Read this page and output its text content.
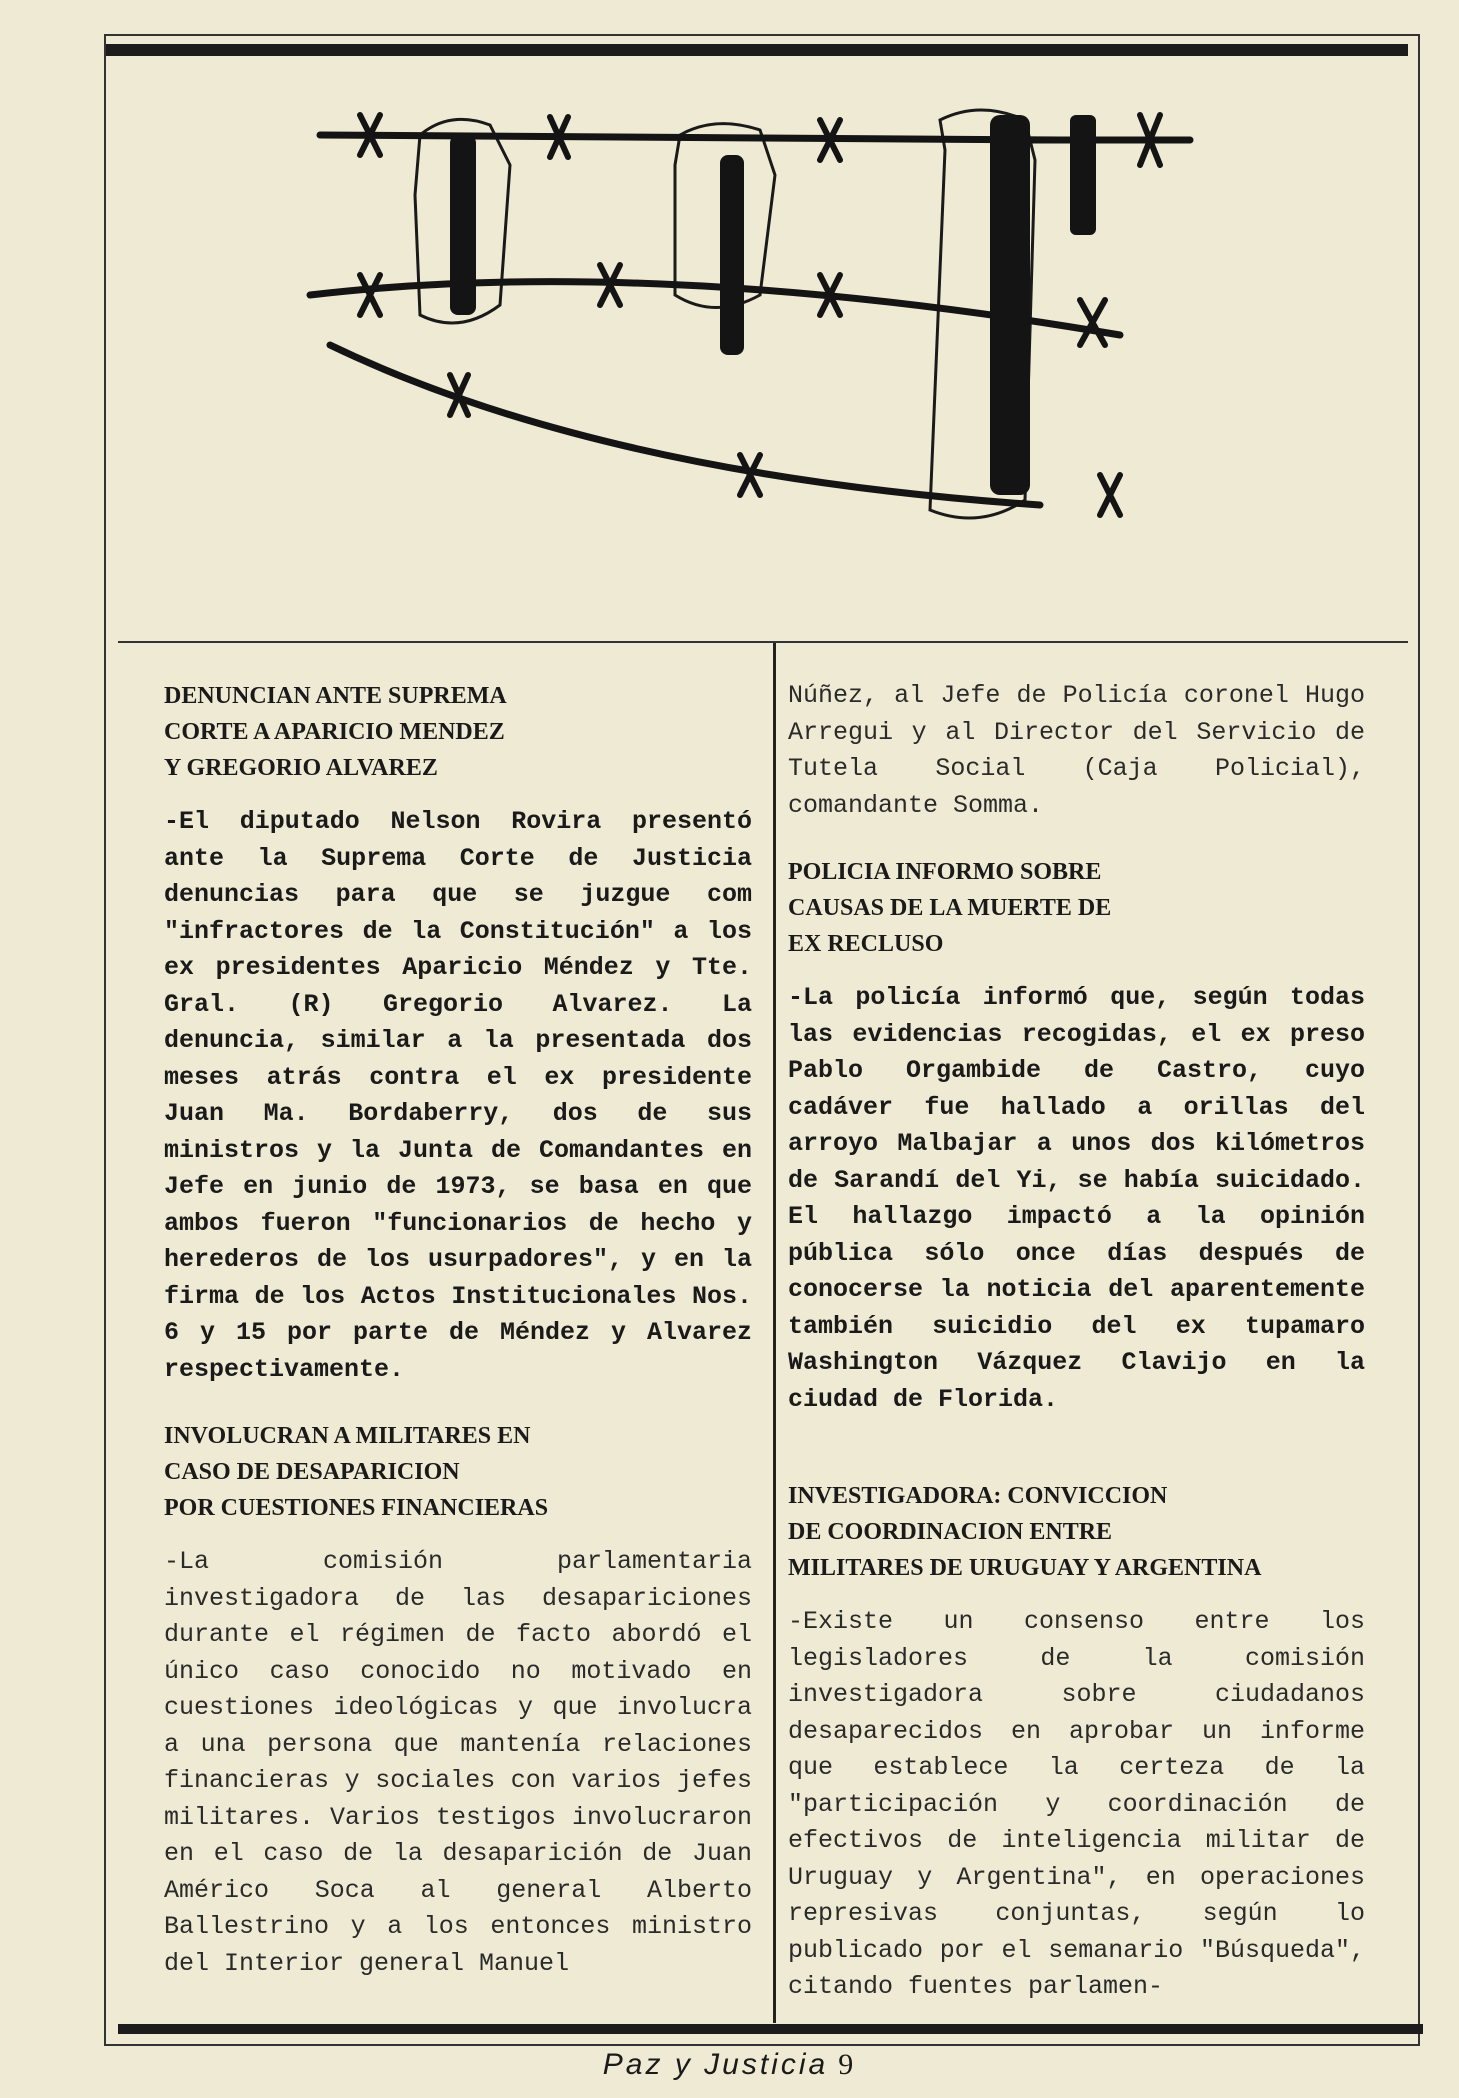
DENUNCIAN ANTE SUPREMA
CORTE A APARICIO MENDEZ
Y GREGORIO ALVAREZ
-El diputado Nelson Rovira presentó ante la Suprema Corte de Justicia denuncias para que se juzgue com "infractores de la Constitución" a los ex presidentes Aparicio Méndez y Tte. Gral. (R) Gregorio Alvarez. La denuncia, similar a la presentada dos meses atrás contra el ex presidente Juan Ma. Bordaberry, dos de sus ministros y la Junta de Comandantes en Jefe en junio de 1973, se basa en que ambos fueron "funcionarios de hecho y herederos de los usurpadores", y en la firma de los Actos Institucionales Nos. 6 y 15 por parte de Méndez y Alvarez respectivamente.
INVOLUCRAN A MILITARES EN
CASO DE DESAPARICION
POR CUESTIONES FINANCIERAS
-La comisión parlamentaria investigadora de las desapariciones durante el régimen de facto abordó el único caso conocido no motivado en cuestiones ideológicas y que involucra a una persona que mantenía relaciones financieras y sociales con varios jefes militares. Varios testigos involucraron en el caso de la desaparición de Juan Américo Soca al general Alberto Ballestrino y a los entonces ministro del Interior general Manuel
Núñez, al Jefe de Policía coronel Hugo Arregui y al Director del Servicio de Tutela Social (Caja Policial), comandante Somma.
POLICIA INFORMO SOBRE
CAUSAS DE LA MUERTE DE
EX RECLUSO
-La policía informó que, según todas las evidencias recogidas, el ex preso Pablo Orgambide de Castro, cuyo cadáver fue hallado a orillas del arroyo Malbajar a unos dos kilómetros de Sarandí del Yi, se había suicidado. El hallazgo impactó a la opinión pública sólo once días después de conocerse la noticia del aparentemente también suicidio del ex tupamaro Washington Vázquez Clavijo en la ciudad de Florida.
INVESTIGADORA: CONVICCION
DE COORDINACION ENTRE
MILITARES DE URUGUAY Y ARGENTINA
-Existe un consenso entre los legisladores de la comisión investigadora sobre ciudadanos desaparecidos en aprobar un informe que establece la certeza de la "participación y coordinación de efectivos de inteligencia militar de Uruguay y Argentina", en operaciones represivas conjuntas, según lo publicado por el semanario "Búsqueda", citando fuentes parlamen-
Paz y Justicia 9
